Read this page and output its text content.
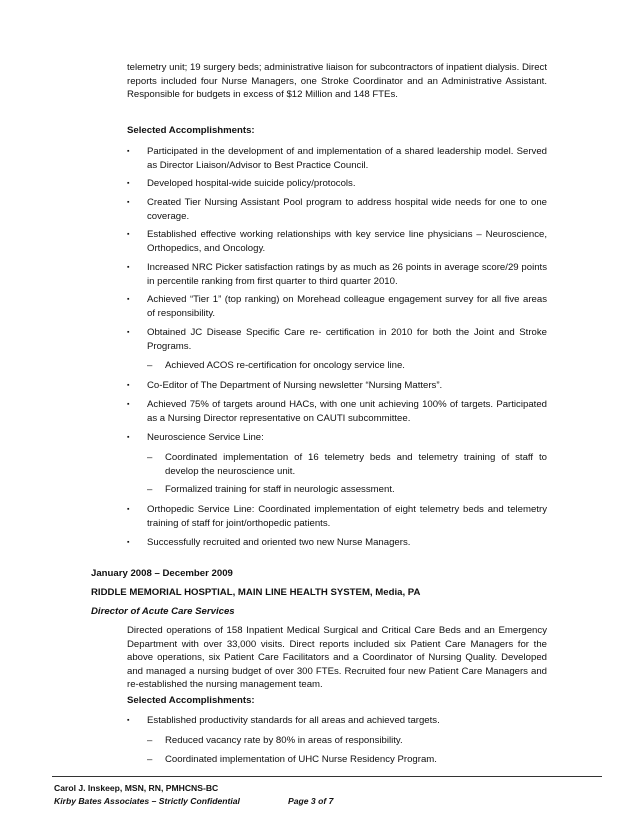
telemetry unit; 19 surgery beds; administrative liaison for subcontractors of inpatient dialysis. Direct reports included four Nurse Managers, one Stroke Coordinator and an Administrative Assistant. Responsible for budgets in excess of $12 Million and 148 FTEs.
Selected Accomplishments:
▪ Participated in the development of and implementation of a shared leadership model. Served as Director Liaison/Advisor to Best Practice Council.
▪ Developed hospital-wide suicide policy/protocols.
▪ Created Tier Nursing Assistant Pool program to address hospital wide needs for one to one coverage.
▪ Established effective working relationships with key service line physicians – Neuroscience, Orthopedics, and Oncology.
▪ Increased NRC Picker satisfaction ratings by as much as 26 points in average score/29 points in percentile ranking from first quarter to third quarter 2010.
▪ Achieved “Tier 1” (top ranking) on Morehead colleague engagement survey for all five areas of responsibility.
▪ Obtained JC Disease Specific Care re- certification in 2010 for both the Joint and Stroke Programs.
– Achieved ACOS re-certification for oncology service line.
▪ Co-Editor of The Department of Nursing newsletter “Nursing Matters”.
▪ Achieved 75% of targets around HACs, with one unit achieving 100% of targets. Participated as a Nursing Director representative on CAUTI subcommittee.
▪ Neuroscience Service Line:
– Coordinated implementation of 16 telemetry beds and telemetry training of staff to develop the neuroscience unit.
– Formalized training for staff in neurologic assessment.
▪ Orthopedic Service Line: Coordinated implementation of eight telemetry beds and telemetry training of staff for joint/orthopedic patients.
▪ Successfully recruited and oriented two new Nurse Managers.
January 2008 – December 2009
RIDDLE MEMORIAL HOSPTIAL, MAIN LINE HEALTH SYSTEM, Media, PA
Director of Acute Care Services
Directed operations of 158 Inpatient Medical Surgical and Critical Care Beds and an Emergency Department with over 33,000 visits. Direct reports included six Patient Care Managers for the above operations, six Patient Care Facilitators and a Coordinator of Nursing Quality. Developed and managed a nursing budget of over 300 FTEs. Recruited four new Patient Care Managers and re-established the nursing management team.
Selected Accomplishments:
▪ Established productivity standards for all areas and achieved targets.
– Reduced vacancy rate by 80% in areas of responsibility.
– Coordinated implementation of UHC Nurse Residency Program.
Carol J. Inskeep, MSN, RN, PMHCNS-BC
Kirby Bates Associates – Strictly Confidential	Page 3 of 7
